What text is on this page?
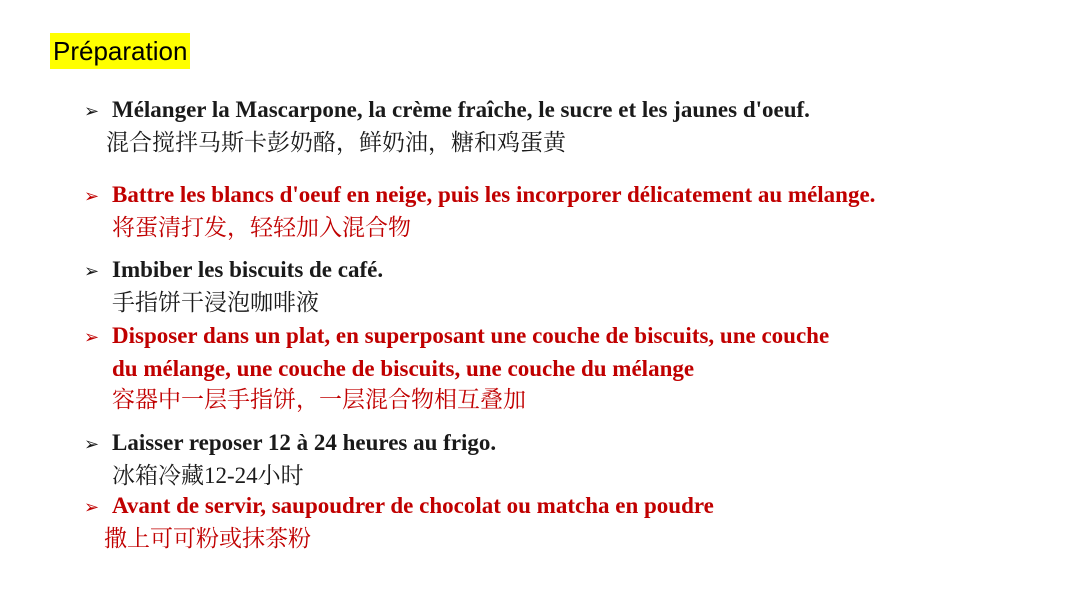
Préparation
➢ Mélanger la Mascarpone, la crème fraîche, le sucre et les jaunes d'oeuf.
混合搅拌马斯卡彭奶酪，鲜奶油，糖和鸡蛋黄
➢ Battre les blancs d'oeuf en neige, puis les incorporer délicatement au mélange.
将蛋清打发，轻轻加入混合物
➢ Imbiber les biscuits de café.
手指饼干浸泡咖啡液
➢ Disposer dans un plat, en superposant une couche de biscuits, une couche
du mélange, une couche de biscuits, une couche du mélange
容器中一层手指饼，一层混合物相互叠加
➢ Laisser reposer 12 à 24 heures au frigo.
冰箱冷藏12-24小时
➢ Avant de servir, saupoudrer de chocolat ou matcha en poudre
撒上可可粉或抹茶粉
